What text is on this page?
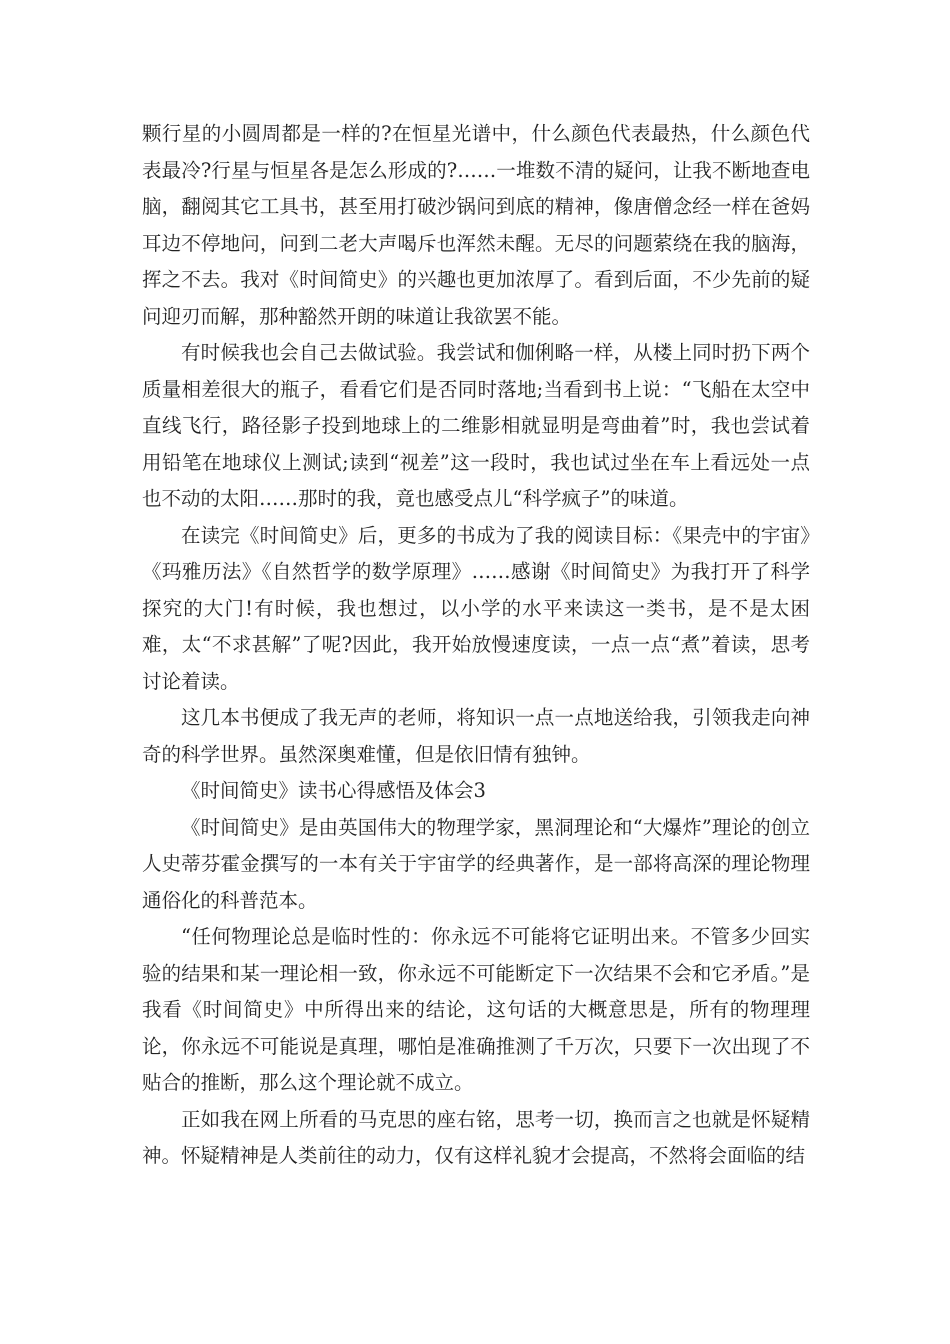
颗行星的小圆周都是一样的?在恒星光谱中，什么颜色代表最热，什么颜色代表最冷?行星与恒星各是怎么形成的?……一堆数不清的疑问，让我不断地查电脑，翻阅其它工具书，甚至用打破沙锅问到底的精神，像唐僧念经一样在爸妈耳边不停地问，问到二老大声喝斥也浑然未醒。无尽的问题萦绕在我的脑海，挥之不去。我对《时间简史》的兴趣也更加浓厚了。看到后面，不少先前的疑问迎刃而解，那种豁然开朗的味道让我欲罢不能。

有时候我也会自己去做试验。我尝试和伽俐略一样，从楼上同时扔下两个质量相差很大的瓶子，看看它们是否同时落地;当看到书上说：“飞船在太空中直线飞行，路径影子投到地球上的二维影相就显明是弯曲着”时，我也尝试着用铅笔在地球仪上测试;读到“视差”这一段时，我也试过坐在车上看远处一点也不动的太阳……那时的我，竟也感受点儿“科学疯子”的味道。

在读完《时间简史》后，更多的书成为了我的阅读目标：《果壳中的宇宙》《玛雅历法》《自然哲学的数学原理》……感谢《时间简史》为我打开了科学探究的大门!有时候，我也想过，以小学的水平来读这一类书，是不是太困难，太“不求甚解”了呢?因此，我开始放慢速度读，一点一点“煮”着读，思考讨论着读。

这几本书便成了我无声的老师，将知识一点一点地送给我，引领我走向神奇的科学世界。虽然深奥难懂，但是依旧情有独钟。

《时间简史》读书心得感悟及体会3

《时间简史》是由英国伟大的物理学家，黑洞理论和“大爆炸”理论的创立人史蒂芬霍金撰写的一本有关于宇宙学的经典著作，是一部将高深的理论物理通俗化的科普范本。

“任何物理论总是临时性的：你永远不可能将它证明出来。不管多少回实验的结果和某一理论相一致，你永远不可能断定下一次结果不会和它矛盾。”是我看《时间简史》中所得出来的结论，这句话的大概意思是，所有的物理理论，你永远不可能说是真理，哪怕是准确推测了千万次，只要下一次出现了不贴合的推断，那么这个理论就不成立。

正如我在网上所看的马克思的座右铭，思考一切，换而言之也就是怀疑精神。怀疑精神是人类前往的动力，仅有这样礼貌才会提高，不然将会面临的结
